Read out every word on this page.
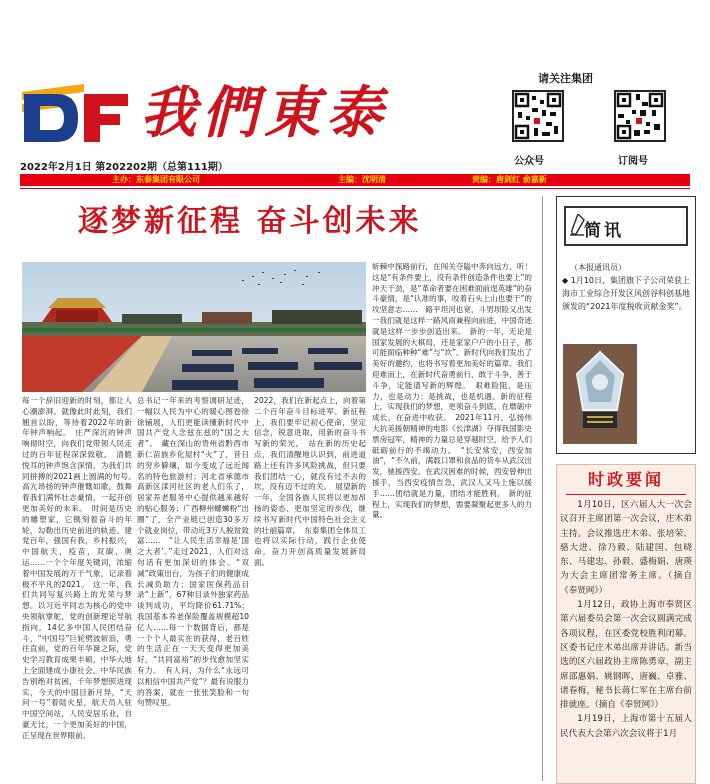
DF 我們東泰
请关注集团
公众号	订阅号
2022年2月1日 第202202期（总第111期）
主办：东泰集团有限公司	主编：沈明清	责编：唐剑红 俞嘉新
逐梦新征程 奋斗创未来
每一个辞旧迎新的时刻，都让人心潮澎湃。就像此时此刻，我们翘首以盼，等待着2022年的新年钟声响起。　庄严深沉的钟声响彻时空，向我们党带领人民走过的百年征程深深致敬。　清脆悦耳的钟声饱含深情，为我们共同拼搏的2021画上圆满的句号。　高亢昂扬的钟声催慨如歌，鼓舞着我们满怀壮志豪情，一起开创更加美好的未来。　时间是历史的雕塑家，它镌刻着奋斗的年轮，勾勒出历史前进的轨迹。建党百年，强国有我，乡村振兴，中国航天，疫苗，双碳，奥运……一个个年度关键词，浓缩着中国发展的万千气象，记录着极不平凡的2021。　这一年，我们共同写复兴路上的光荣与梦想。以习近平同志为核心的党中央领航掌舵，党的创新理论导航指向，14亿多中国人民团结奋斗，“中国号”巨轮劈波斩浪，勇往直前，党的百年华诞之际，党史学习教育成果丰硕，中华大地上全面建成小康社会，中华民族告别绝对贫困，千年梦想照进现实，今天的中国目新月异，“天问一号”着陆火星，航天员入驻中国空间站，人民安居乐业，自豪无比，一个更加美好的中国，正呈现在世界眼前。
总书记一年来的考察调研足迹，一幅以人民为中心的暖心图卷徐徐铺展，人们更能读懂新时代中国共产党人念兹在兹的“国之大者”。　藏在深山的贵州省黔西市新仁苗族乡化屋村“火”了，昔日的穷乡僻壤，如今变成了远近闻名的特色旅游村；河北省承德市高新区滦河社区的老人们乐了，居家养老服务中心提供越来越好的贴心服务；广西柳州螺蛳粉“出圈”了，全产业链已创造30多万个就业岗位，带动近3万人脱贫致富……　“让人民生活幸福是‘国之大者’。”走过2021，人们对这句话有更加深切的体会。“双减”政策出台，为孩子们的健康成长减负助力；国家医保药品目录“上新”，67种目录外独家药品谈判成功，平均降价61.71%；我国基本养老保险覆盖规模超10亿人……每一个数据背后，都是一个个人最实在的获得，老百姓的生活正在一天天变得更加美好，“共同富裕”的步伐愈加坚实有力。　有人问，为什么“永远可以相信中国共产党”？最有说服力的答案，就在一张张笑脸和一句句赞叹里。
2022，我们在新起点上，向着第二个百年奋斗目标进军。新征程上，我们要牢记初心使命，坚定信念，锐意进取，用新的奋斗书写新的荣光。　站在新的历史起点，我们清醒地认识到，前进道路上还有许多风险挑战，但只要我们团结一心，就没有过不去的坎，没有迈不过的关。　展望新的一年，全国各族人民将以更加昂扬的姿态、更加坚定的步伐，继续书写新时代中国特色社会主义的壮丽篇章。　东泰集团全体员工也将以实际行动，践行企业使命，奋力开创高质量发展新局面。
斩棘中探路前行，在闯关夺隘中奔向远方。听！这是“有条件要上，没有条件创造条件也要上”的冲天干劲，是“革命者要在困难面前逞英雄”的奋斗豪情，是“认准的事，咬着石头上山也要干”的攻坚意志……　路平坦河也宽，斗男坝险又出发一我们就是这样一路风雨兼程向前进，中国奇迹就是这样一步步创造出来。　新的一年，无论是国家发展的大棋局，还是家家户户的小日子，都可能面临种种“难”与“坎”。新时代向我们发出了美好的邀约，也将书写着更加美好的篇章。我们迎难而上，在新时代奋勇前行，敢于斗争、善于斗争，定能谱写新的辉煌。　艰难险阻，是压力，也是动力；是挑战，也是机遇。新的征程上，实现我们的梦想，更须奋斗到底，在磨砺中成长，在奋进中收获。　2021年11月，弘扬伟大抗美援朝精神的电影《长津湖》夺得我国影史票房冠军，精神的力量总是穿越时空，给予人们砥砺前行的不竭动力。　“长安常安，西安加油”，“不久前，满载口罩和食品的货车从武汉出发，驰援西安。在武汉困难的时候，西安曾伸出援手，当西安疫情告急，武汉人又马上施以援手……团结就是力量，团结才能胜利。　新的征程上，实现我们的梦想，需要凝聚起更多人的力量。
简讯
（本报通讯员）
◆ 1月10日，集团旗下子公司荣获上海市工业综合开发区风创谷科创基地颁发的“2021年度税收贡献金奖”。
时政要闻

1月10日，区六届人大一次会议召开主席团第一次会议，庄木弟主持。会议推选庄木弟、张培荣、骆大进、徐乃毅、陆建国、包晓东、马建忠、孙毅、盛梅娟、唐瑛为大会主席团常务主席。（摘自《奉贤网》）

1月12日，政协上海市奉贤区第六届委员会第一次会议圆满完成各项议程，在区委党校胜利闭幕。区委书记庄木弟出席并讲话。新当选的区六届政协主席陈勇章，副主席邵惠娟、姚钢晖、唐巍、卓雅、诸春梅，秘书长蒋仁军在主席台前排就座。（摘自《奉贤网》）

1月19日，上海市第十五届人民代表大会第六次会议将于1月
